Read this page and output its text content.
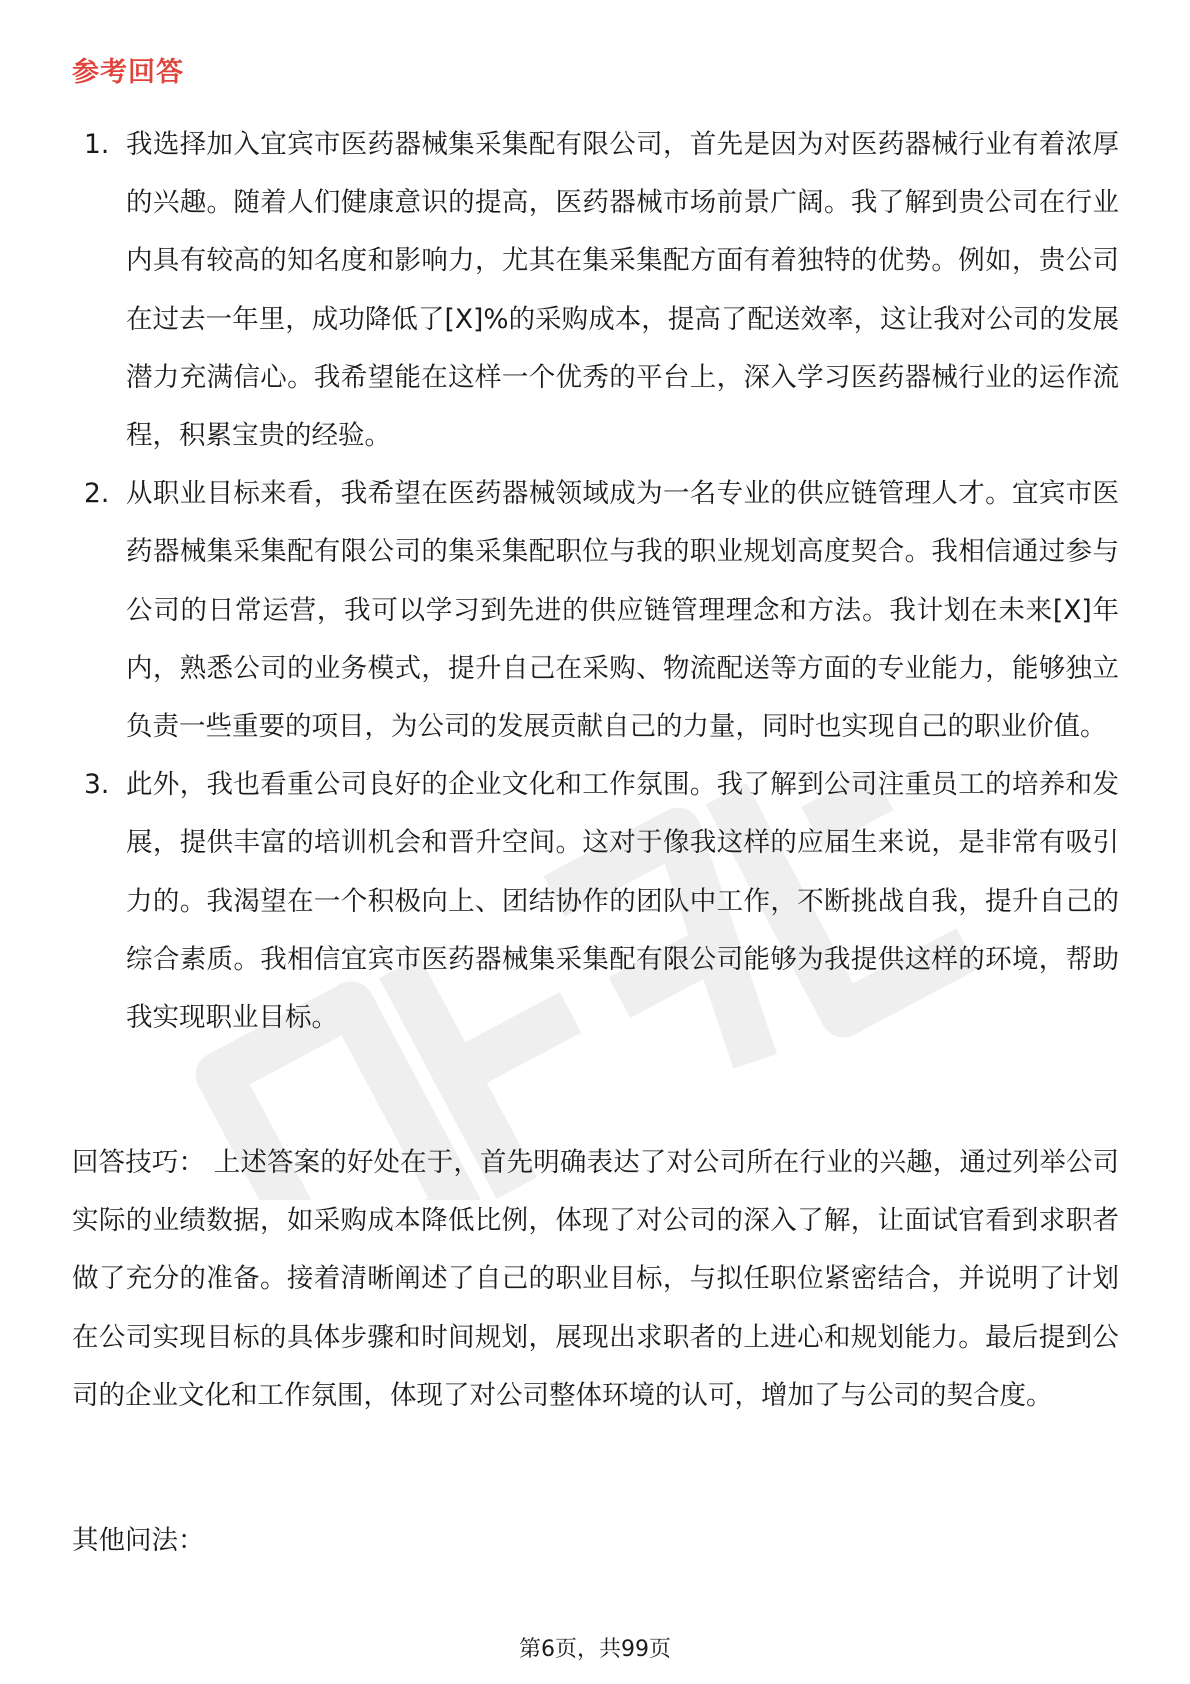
参考回答
1. 我选择加入宜宾市医药器械集采集配有限公司，首先是因为对医药器械行业有着浓厚的兴趣。随着人们健康意识的提高，医药器械市场前景广阔。我了解到贵公司在行业内具有较高的知名度和影响力，尤其在集采集配方面有着独特的优势。例如，贵公司在过去一年里，成功降低了[X]%的采购成本，提高了配送效率，这让我对公司的发展潜力充满信心。我希望能在这样一个优秀的平台上，深入学习医药器械行业的运作流程，积累宝贵的经验。
2. 从职业目标来看，我希望在医药器械领域成为一名专业的供应链管理人才。宜宾市医药器械集采集配有限公司的集采集配职位与我的职业规划高度契合。我相信通过参与公司的日常运营，我可以学习到先进的供应链管理理念和方法。我计划在未来[X]年内，熟悉公司的业务模式，提升自己在采购、物流配送等方面的专业能力，能够独立负责一些重要的项目，为公司的发展贡献自己的力量，同时也实现自己的职业价值。
3. 此外，我也看重公司良好的企业文化和工作氛围。我了解到公司注重员工的培养和发展，提供丰富的培训机会和晋升空间。这对于像我这样的应届生来说，是非常有吸引力的。我渴望在一个积极向上、团结协作的团队中工作，不断挑战自我，提升自己的综合素质。我相信宜宾市医药器械集采集配有限公司能够为我提供这样的环境，帮助我实现职业目标。

回答技巧： 上述答案的好处在于，首先明确表达了对公司所在行业的兴趣，通过列举公司实际的业绩数据，如采购成本降低比例，体现了对公司的深入了解，让面试官看到求职者做了充分的准备。接着清晰阐述了自己的职业目标，与拟任职位紧密结合，并说明了计划在公司实现目标的具体步骤和时间规划，展现出求职者的上进心和规划能力。最后提到公司的企业文化和工作氛围，体现了对公司整体环境的认可，增加了与公司的契合度。

其他问法：

第6页，共99页
